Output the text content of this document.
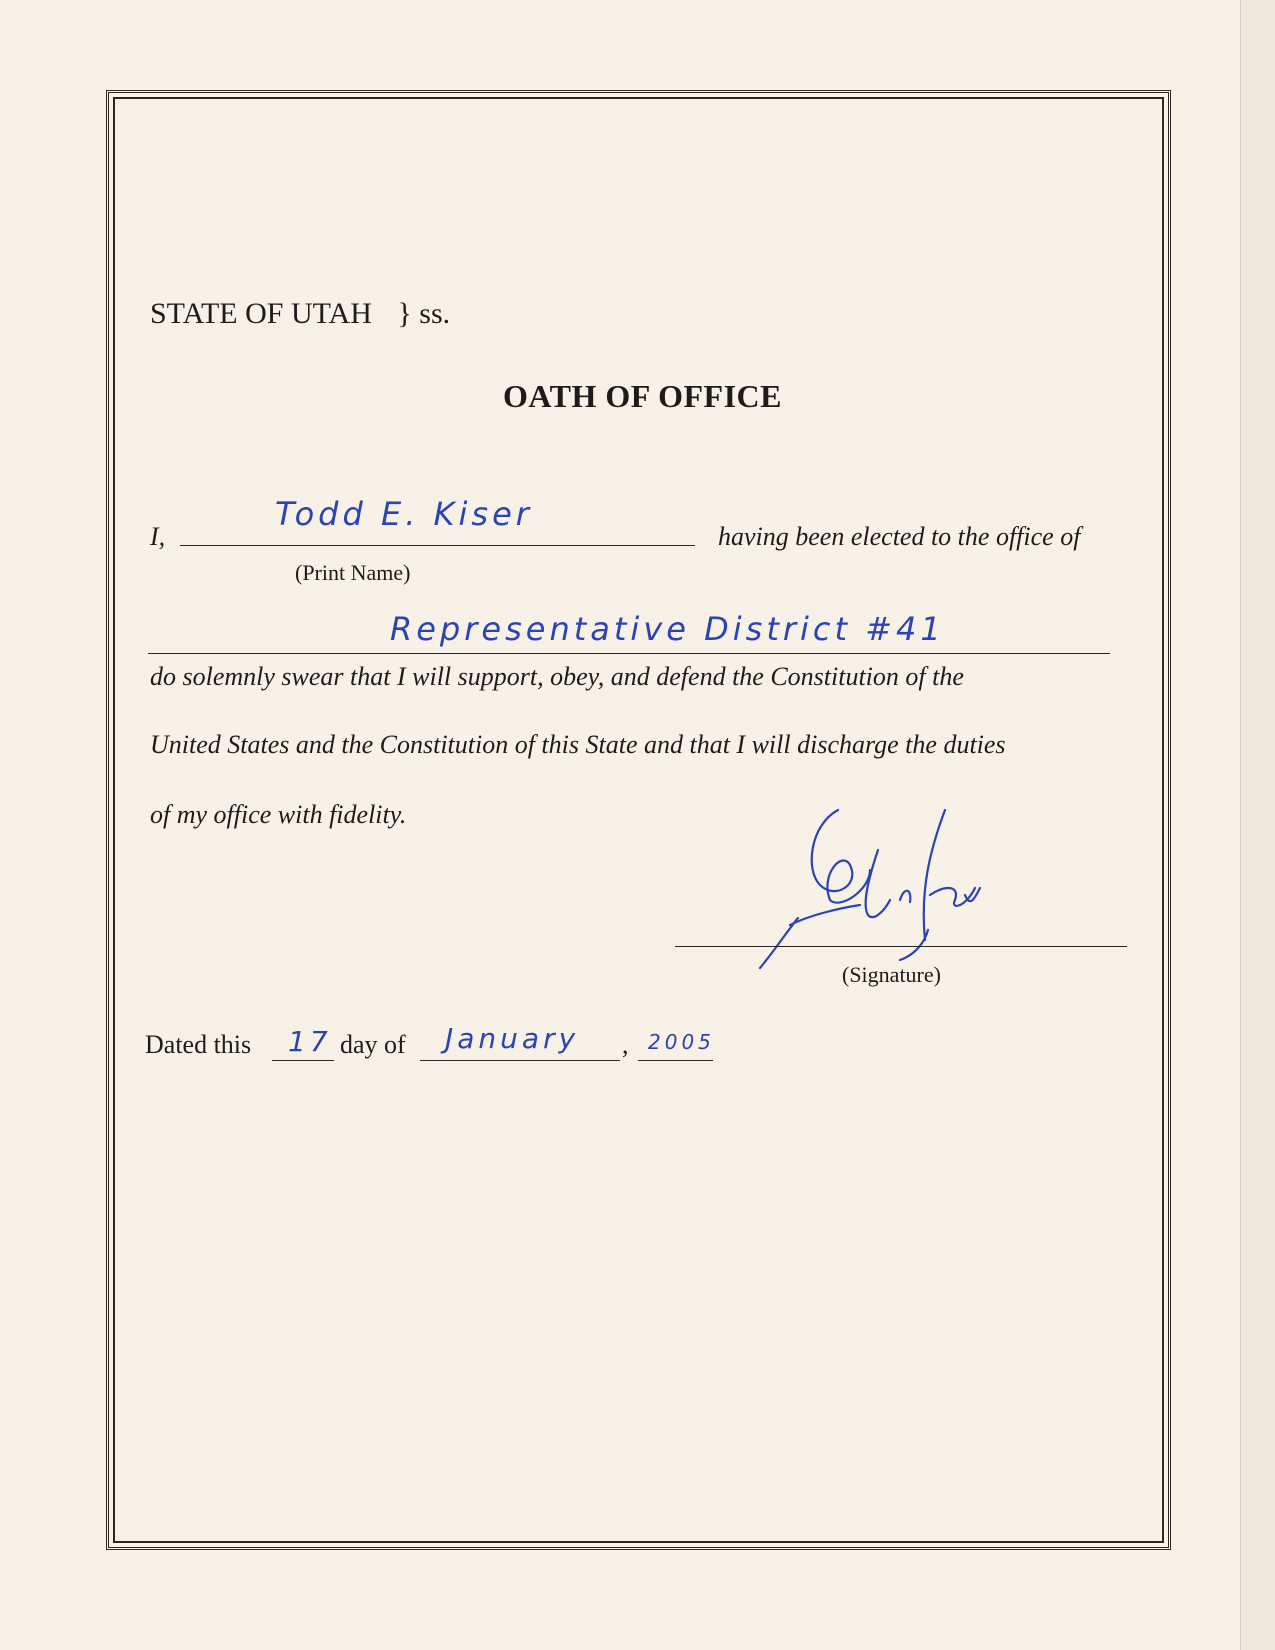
STATE OF UTAH } ss.
OATH OF OFFICE
I,
Todd E. Kiser
having been elected to the office of
(Print Name)
Representative District #41
do solemnly swear that I will support, obey, and defend the Constitution of the
United States and the Constitution of this State and that I will discharge the duties
of my office with fidelity.
(Signature)
Dated this 17 day of January , 2005
